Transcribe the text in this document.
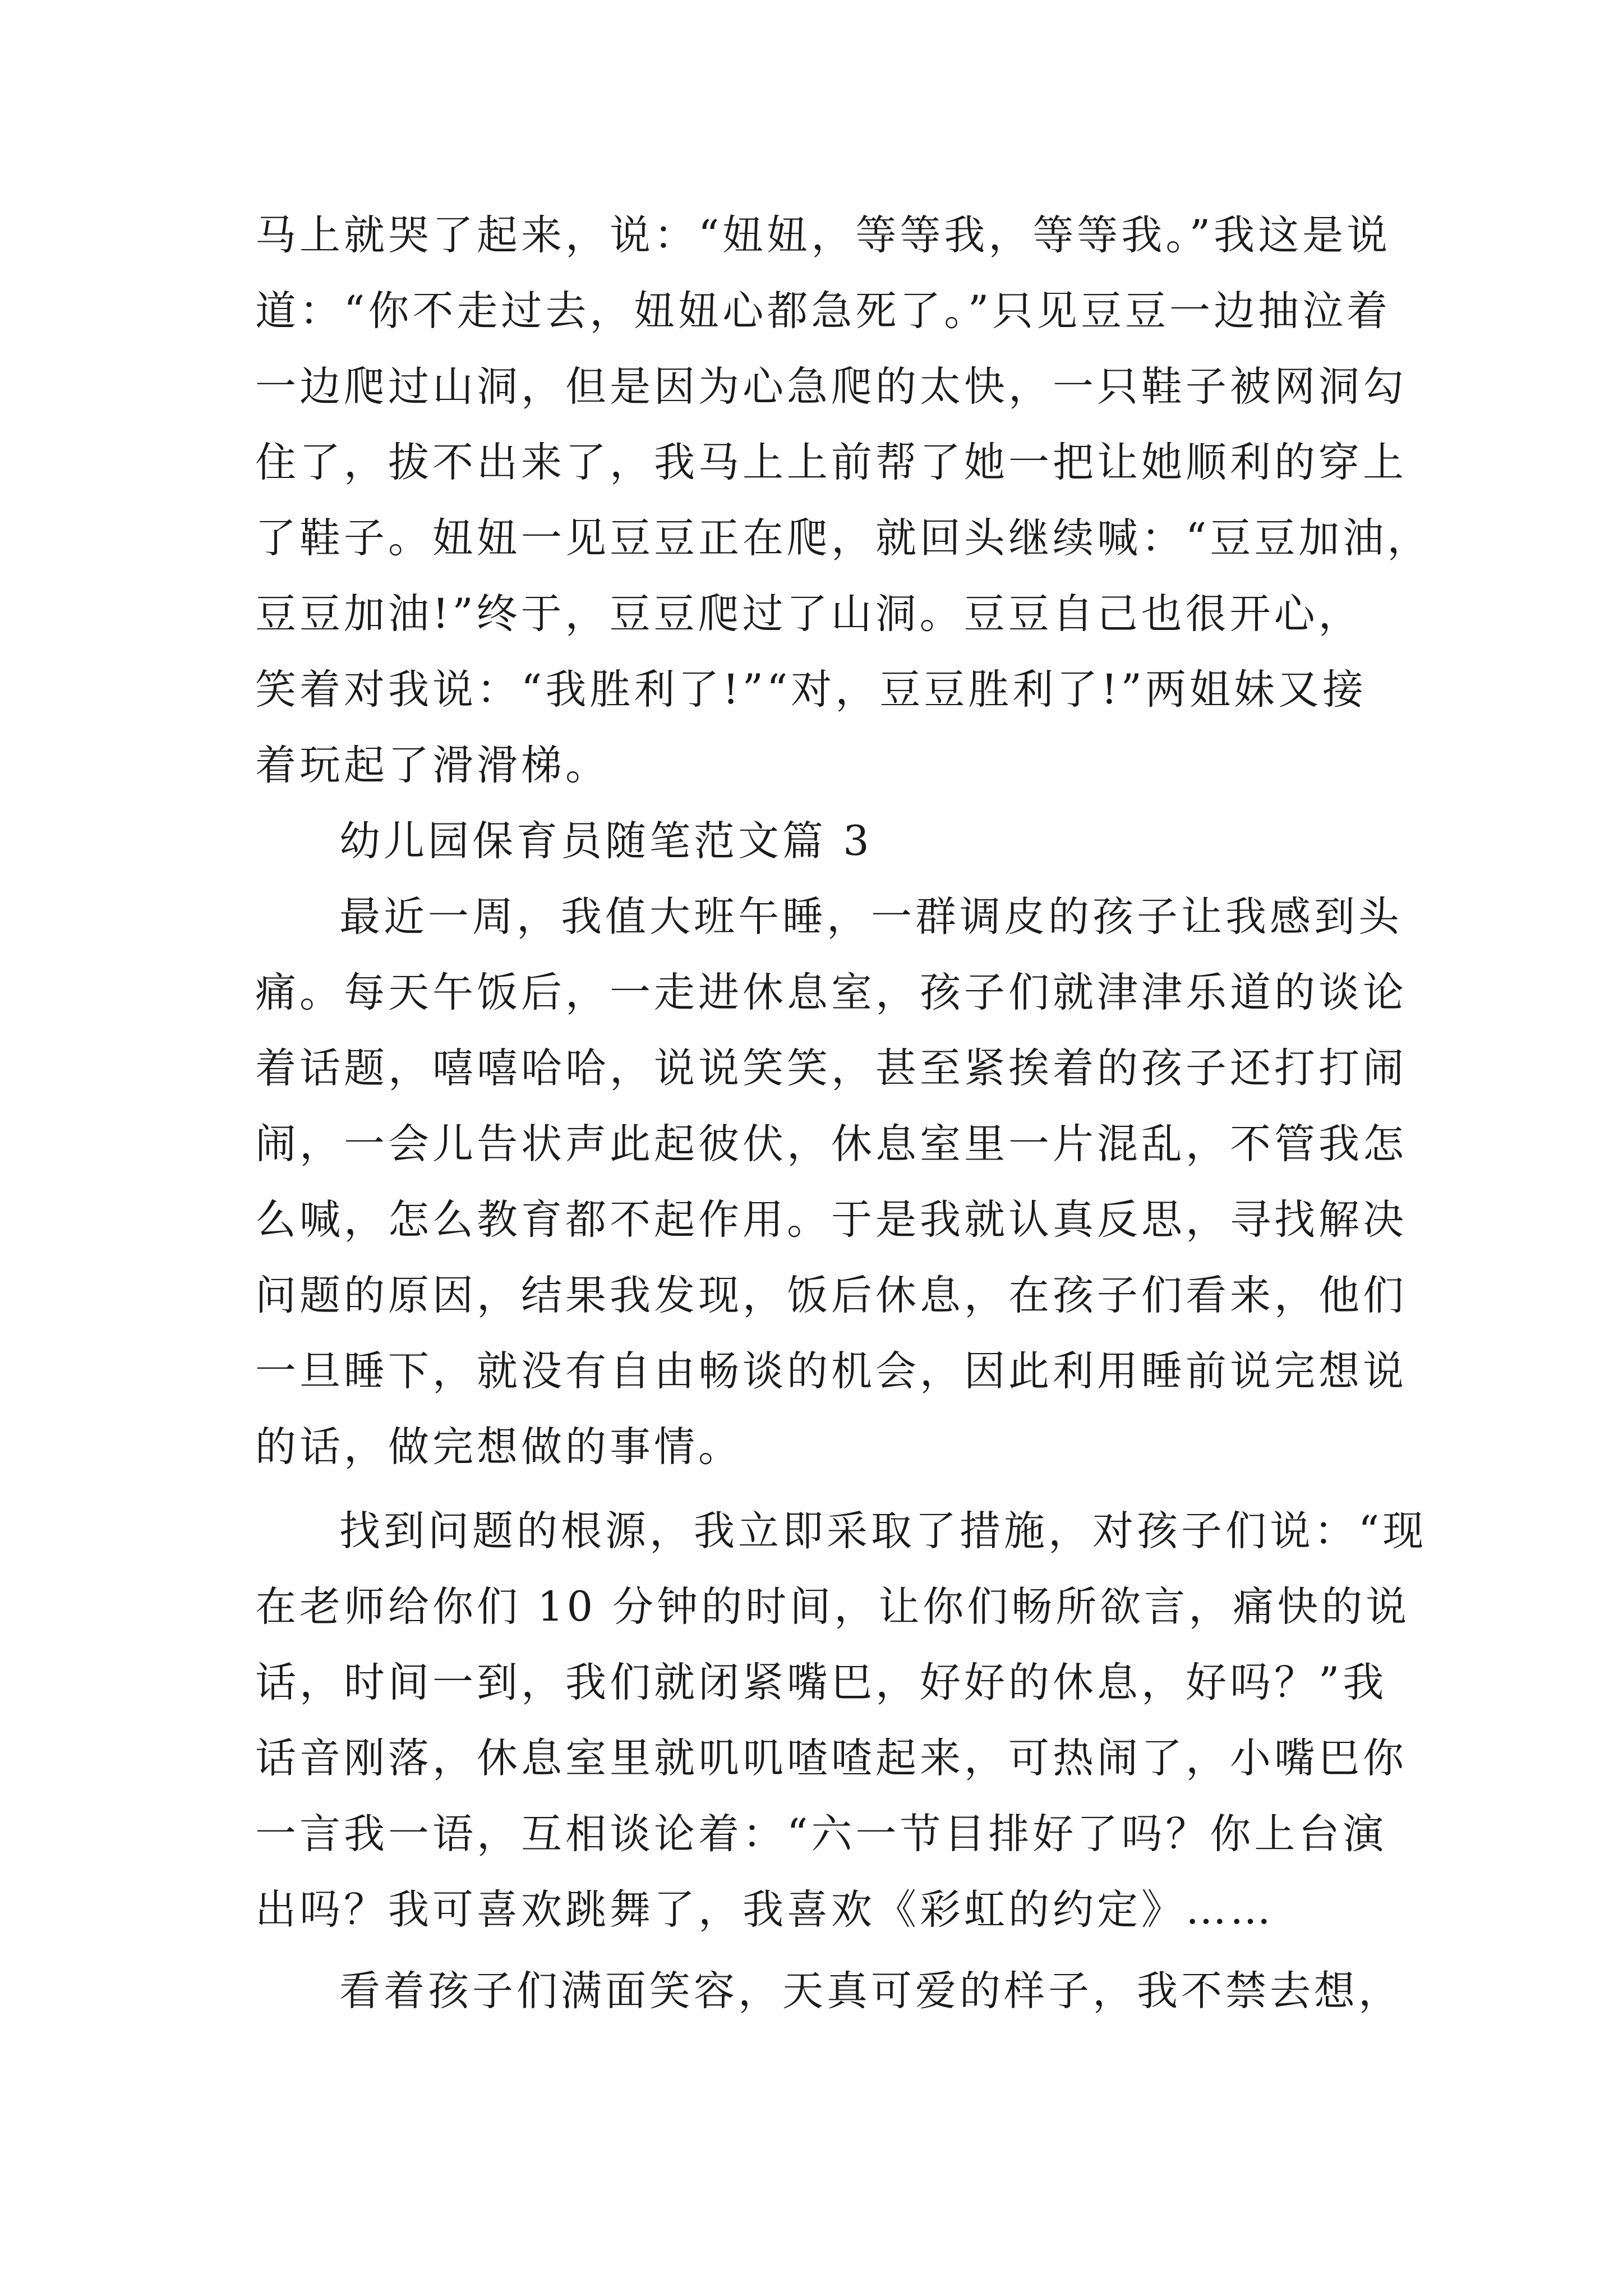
马上就哭了起来，说：“妞妞，等等我，等等我。”我这是说
道：“你不走过去，妞妞心都急死了。”只见豆豆一边抽泣着
一边爬过山洞，但是因为心急爬的太快，一只鞋子被网洞勾
住了，拔不出来了，我马上上前帮了她一把让她顺利的穿上
了鞋子。妞妞一见豆豆正在爬，就回头继续喊：“豆豆加油，
豆豆加油!”终于，豆豆爬过了山洞。豆豆自己也很开心，
笑着对我说：“我胜利了!”“对，豆豆胜利了!”两姐妹又接
着玩起了滑滑梯。
幼儿园保育员随笔范文篇 3
最近一周，我值大班午睡，一群调皮的孩子让我感到头
痛。每天午饭后，一走进休息室，孩子们就津津乐道的谈论
着话题，嘻嘻哈哈，说说笑笑，甚至紧挨着的孩子还打打闹
闹，一会儿告状声此起彼伏，休息室里一片混乱，不管我怎
么喊，怎么教育都不起作用。于是我就认真反思，寻找解决
问题的原因，结果我发现，饭后休息，在孩子们看来，他们
一旦睡下，就没有自由畅谈的机会，因此利用睡前说完想说
的话，做完想做的事情。
找到问题的根源，我立即采取了措施，对孩子们说：“现
在老师给你们 10 分钟的时间，让你们畅所欲言，痛快的说
话，时间一到，我们就闭紧嘴巴，好好的休息，好吗？”我
话音刚落，休息室里就叽叽喳喳起来，可热闹了，小嘴巴你
一言我一语，互相谈论着：“六一节目排好了吗？你上台演
出吗？我可喜欢跳舞了，我喜欢《彩虹的约定》……
看着孩子们满面笑容，天真可爱的样子，我不禁去想，
